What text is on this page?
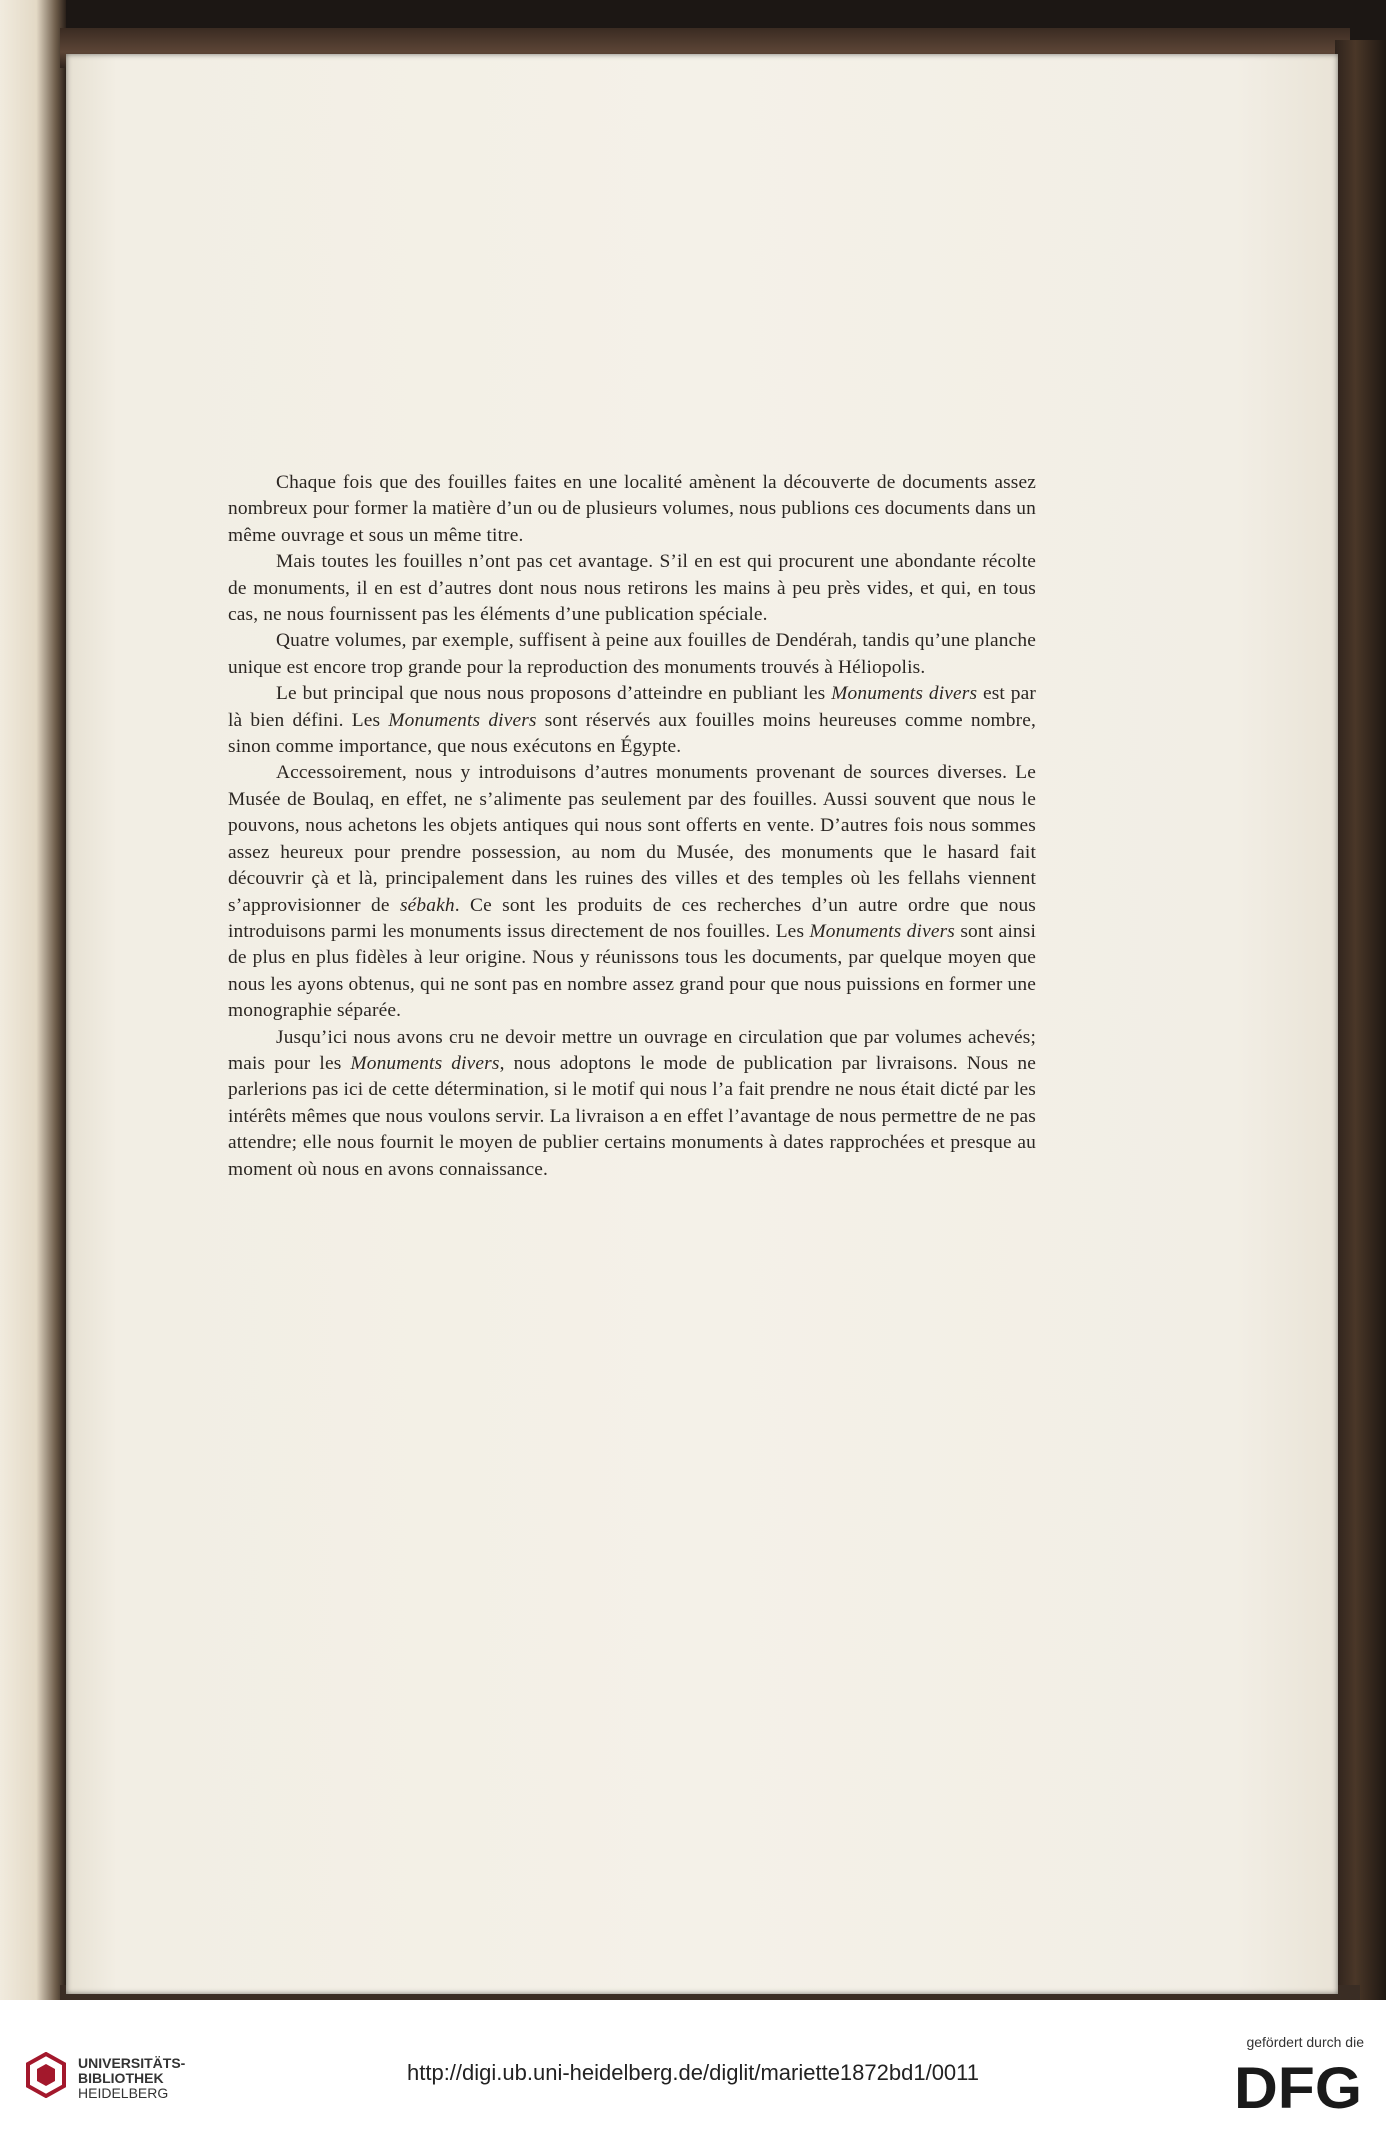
Chaque fois que des fouilles faites en une localité amènent la découverte de documents assez nombreux pour former la matière d’un ou de plusieurs volumes, nous publions ces documents dans un même ouvrage et sous un même titre.

Mais toutes les fouilles n’ont pas cet avantage. S’il en est qui procurent une abondante récolte de monuments, il en est d’autres dont nous nous retirons les mains à peu près vides, et qui, en tous cas, ne nous fournissent pas les éléments d’une publication spéciale.

Quatre volumes, par exemple, suffisent à peine aux fouilles de Dendérah, tandis qu’une planche unique est encore trop grande pour la reproduction des monuments trouvés à Héliopolis.

Le but principal que nous nous proposons d’atteindre en publiant les Monuments divers est par là bien défini. Les Monuments divers sont réservés aux fouilles moins heureuses comme nombre, sinon comme importance, que nous exécutons en Égypte.

Accessoirement, nous y introduisons d’autres monuments provenant de sources diverses. Le Musée de Boulaq, en effet, ne s’alimente pas seulement par des fouilles. Aussi souvent que nous le pouvons, nous achetons les objets antiques qui nous sont offerts en vente. D’autres fois nous sommes assez heureux pour prendre possession, au nom du Musée, des monuments que le hasard fait découvrir çà et là, principalement dans les ruines des villes et des temples où les fellahs viennent s’approvisionner de sébakh. Ce sont les produits de ces recherches d’un autre ordre que nous introduisons parmi les monuments issus directement de nos fouilles. Les Monuments divers sont ainsi de plus en plus fidèles à leur origine. Nous y réunissons tous les documents, par quelque moyen que nous les ayons obtenus, qui ne sont pas en nombre assez grand pour que nous puissions en former une monographie séparée.

Jusqu’ici nous avons cru ne devoir mettre un ouvrage en circulation que par volumes achevés; mais pour les Monuments divers, nous adoptons le mode de publication par livraisons. Nous ne parlerions pas ici de cette détermination, si le motif qui nous l’a fait prendre ne nous était dicté par les intérêts mêmes que nous voulons servir. La livraison a en effet l’avantage de nous permettre de ne pas attendre; elle nous fournit le moyen de publier certains monuments à dates rapprochées et presque au moment où nous en avons connaissance.

UNIVERSITÄTS-
BIBLIOTHEK
HEIDELBERG
http://digi.ub.uni-heidelberg.de/diglit/mariette1872bd1/0011
gefördert durch die
DFG
